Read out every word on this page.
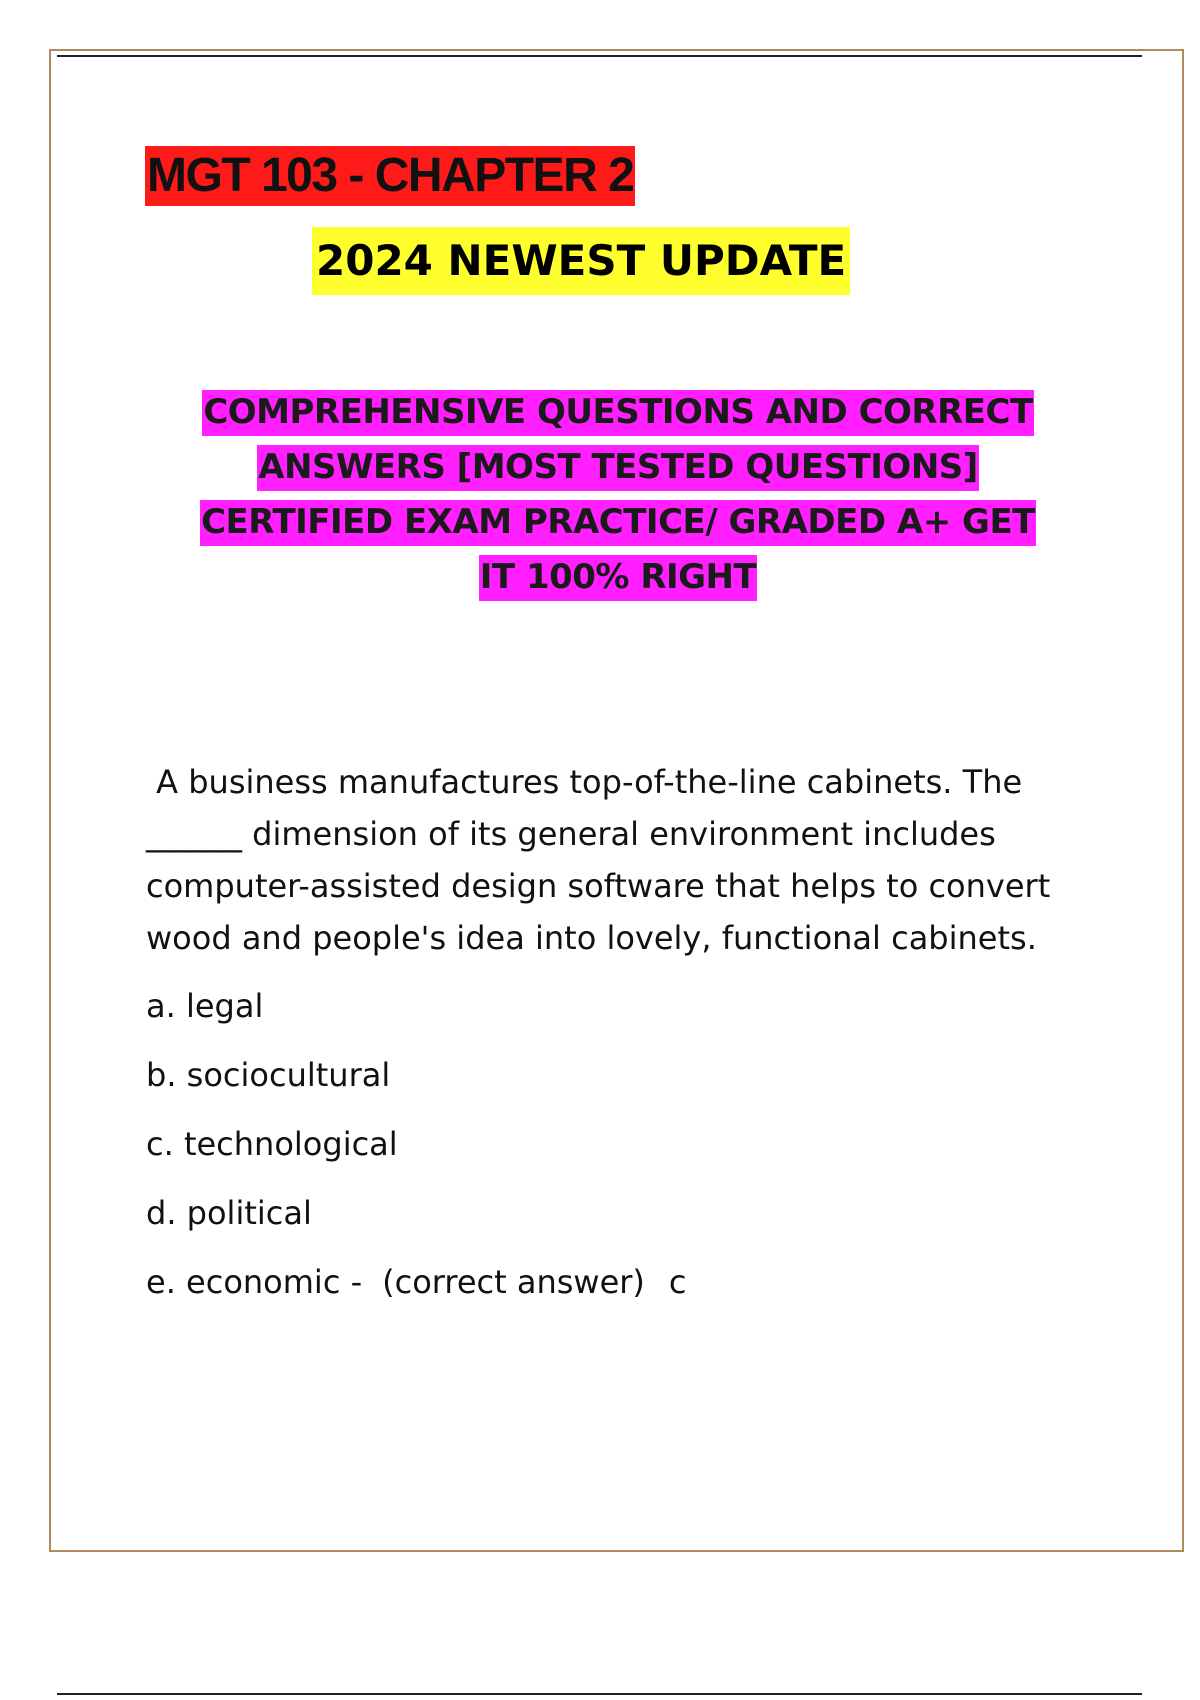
MGT 103 - CHAPTER 2
2024 NEWEST UPDATE
COMPREHENSIVE QUESTIONS AND CORRECT
ANSWERS [MOST TESTED QUESTIONS]
CERTIFIED EXAM PRACTICE/ GRADED A+ GET
IT 100% RIGHT

A business manufactures top-of-the-line cabinets. The
______ dimension of its general environment includes
computer-assisted design software that helps to convert
wood and people's idea into lovely, functional cabinets.

a. legal

b. sociocultural

c. technological

d. political

e. economic - (correct answer) c
